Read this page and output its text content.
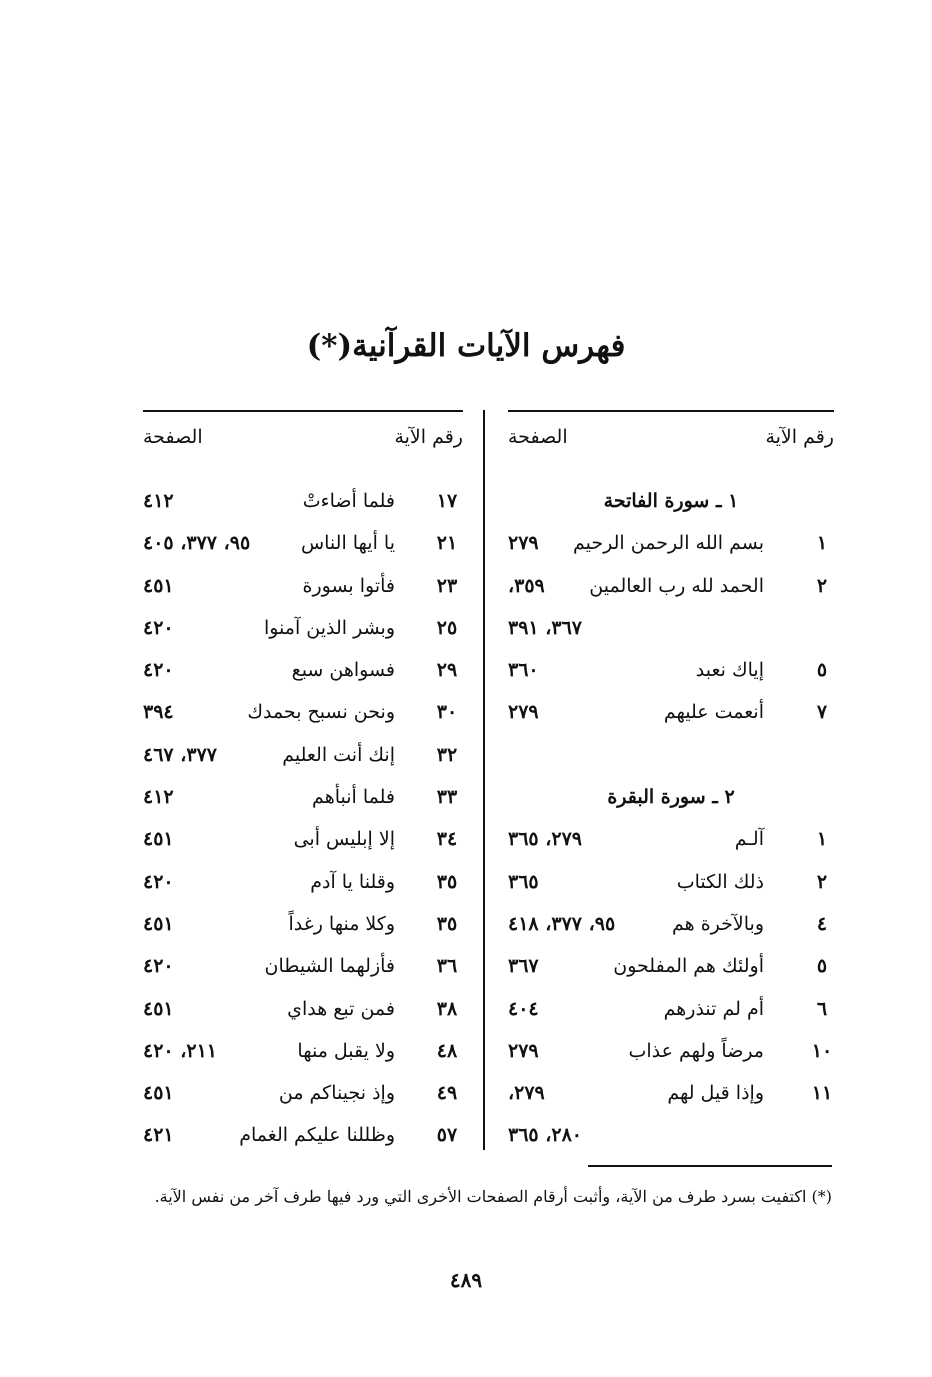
فهرس الآيات القرآنية(*)
رقم الآية
الصفحة
١ ـ سورة الفاتحة
١
بسم الله الرحمن الرحيم
٢٧٩
٢
الحمد لله رب العالمين
٣٥٩،
٣٦٧، ٣٩١
٥
إياك نعبد
٣٦٠
٧
أنعمت عليهم
٢٧٩
٢ ـ سورة البقرة
١
آلـم
٢٧٩، ٣٦٥
٢
ذلك الكتاب
٣٦٥
٤
وبالآخرة هم
٩٥، ٣٧٧، ٤١٨
٥
أولئك هم المفلحون
٣٦٧
٦
أم لم تنذرهم
٤٠٤
١٠
مرضاً ولهم عذاب
٢٧٩
١١
وإذا قيل لهم
٢٧٩،
٢٨٠، ٣٦٥
رقم الآية
الصفحة
١٧
فلما أضاءتْ
٤١٢
٢١
يا أيها الناس
٩٥، ٣٧٧، ٤٠٥
٢٣
فأتوا بسورة
٤٥١
٢٥
وبشر الذين آمنوا
٤٢٠
٢٩
فسواهن سبع
٤٢٠
٣٠
ونحن نسبح بحمدك
٣٩٤
٣٢
إنك أنت العليم
٣٧٧، ٤٦٧
٣٣
فلما أنبأهم
٤١٢
٣٤
إلا إبليس أبى
٤٥١
٣٥
وقلنا يا آدم
٤٢٠
٣٥
وكلا منها رغداً
٤٥١
٣٦
فأزلهما الشيطان
٤٢٠
٣٨
فمن تبع هداي
٤٥١
٤٨
ولا يقبل منها
٢١١، ٤٢٠
٤٩
وإذ نجيناكم من
٤٥١
٥٧
وظللنا عليكم الغمام
٤٢١
(*) اكتفيت بسرد طرف من الآية، وأثبت أرقام الصفحات الأخرى التي ورد فيها طرف آخر من نفس الآية.
٤٨٩
